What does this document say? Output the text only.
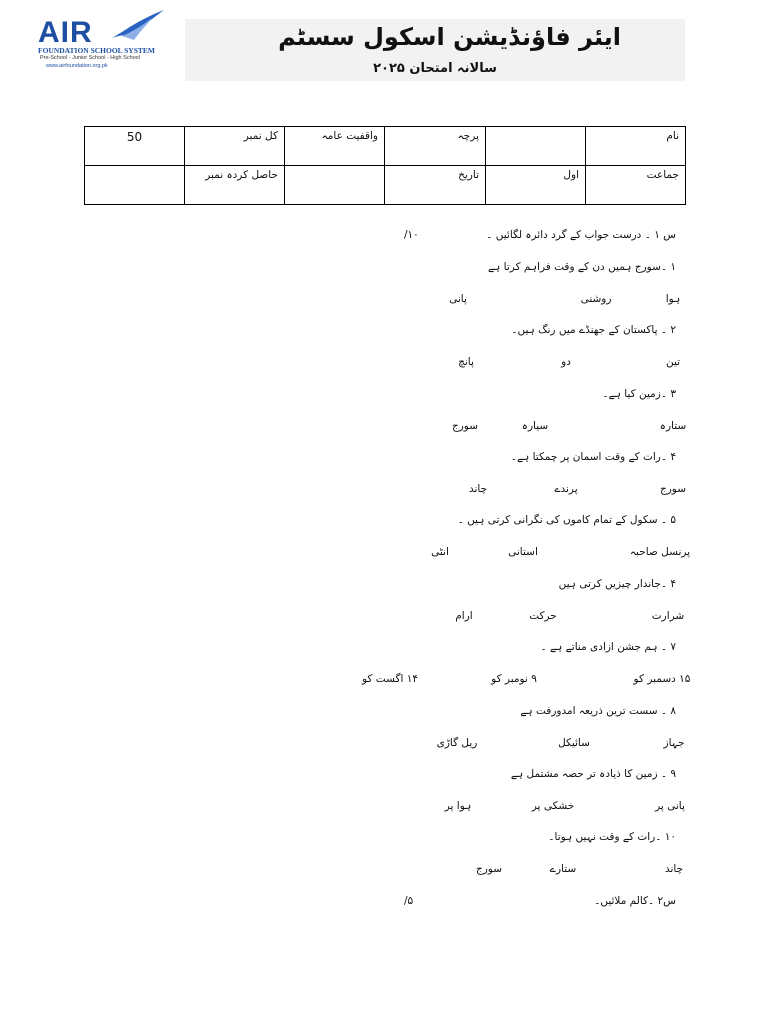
AIR
FOUNDATION SCHOOL SYSTEM
Pre-School - Junior School - High School
www.airfoundation.org.pk
ایئر فاؤنڈیشن اسکول سسٹم
سالانہ امتحان ۲۰۲۵
50	کل نمبر	واقفیت عامہ	پرچہ		نام
	حاصل کردہ نمبر		تاریخ	اول	جماعت
س ۱ ۔ درست جواب کے گرد دائرہ لگائیں ۔
/۱۰
۱ ۔سورج ہمیں دن کے وقت فراہم کرتا ہے
ہوا
روشنی
پانی
۲ ۔ پاکستان کے جھنڈے میں رنگ ہیں۔
تین
دو
پانچ
۳ ۔زمین کیا ہے۔
ستارہ
سیارہ
سورج
۴ ۔رات کے وقت اسمان پر چمکتا ہے۔
سورج
پرندے
چاند
۵ ۔ سکول کے تمام کاموں کی نگرانی کرتی ہیں ۔
پرنسل صاحبہ
استانی
انٹی
۴ ۔جاندار چیزیں کرتی ہیں
شرارت
حرکت
ارام
۷ ۔ ہم جشن ازادی مناتے ہے ۔
۱۵ دسمبر کو
۹ نومبر کو
۱۴ اگست کو
۸ ۔ سست ترین ذریعہ امدورفت ہے
جہاز
سائیکل
ریل گاڑی
۹ ۔ زمین کا ذیادہ تر حصہ مشتمل ہے
پانی پر
خشکی پر
ہوا پر
۱۰ ۔رات کے وقت نہیں ہوتا۔
چاند
ستارے
سورج
س۲ ۔کالم ملائیں۔
/۵
